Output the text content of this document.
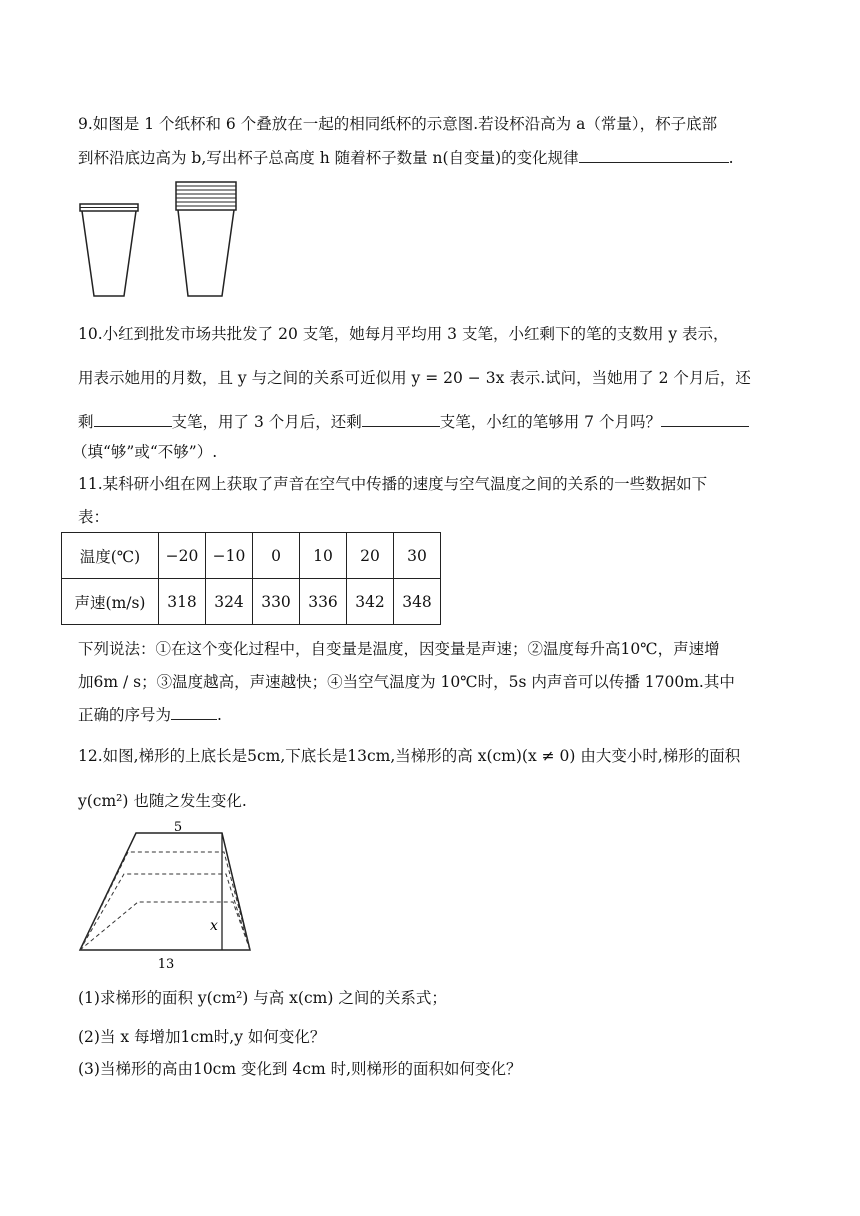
9.如图是 1 个纸杯和 6 个叠放在一起的相同纸杯的示意图.若设杯沿高为 a（常量），杯子底部
到杯沿底边高为 b,写出杯子总高度 h 随着杯子数量 n(自变量)的变化规律	.
10.小红到批发市场共批发了 20 支笔，她每月平均用 3 支笔，小红剩下的笔的支数用 y 表示，
用表示她用的月数，且 y 与之间的关系可近似用 y = 20 − 3x 表示.试问，当她用了 2 个月后，还
剩	支笔，用了 3 个月后，还剩	支笔，小红的笔够用 7 个月吗？
（填“够”或“不够”）.
11.某科研小组在网上获取了声音在空气中传播的速度与空气温度之间的关系的一些数据如下
表：
温度(℃)	−20	−10	0	10	20	30
声速(m/s)	318	324	330	336	342	348
下列说法：①在这个变化过程中，自变量是温度，因变量是声速；②温度每升高10℃，声速增
加6m / s；③温度越高，声速越快；④当空气温度为 10℃时，5s 内声音可以传播 1700m.其中
正确的序号为	.
12.如图,梯形的上底长是5cm,下底长是13cm,当梯形的高 x(cm)(x ≠ 0) 由大变小时,梯形的面积
y(cm²) 也随之发生变化.
5
x
13
(1)求梯形的面积 y(cm²) 与高 x(cm) 之间的关系式；
(2)当 x 每增加1cm时,y 如何变化？
(3)当梯形的高由10cm 变化到 4cm 时,则梯形的面积如何变化？
